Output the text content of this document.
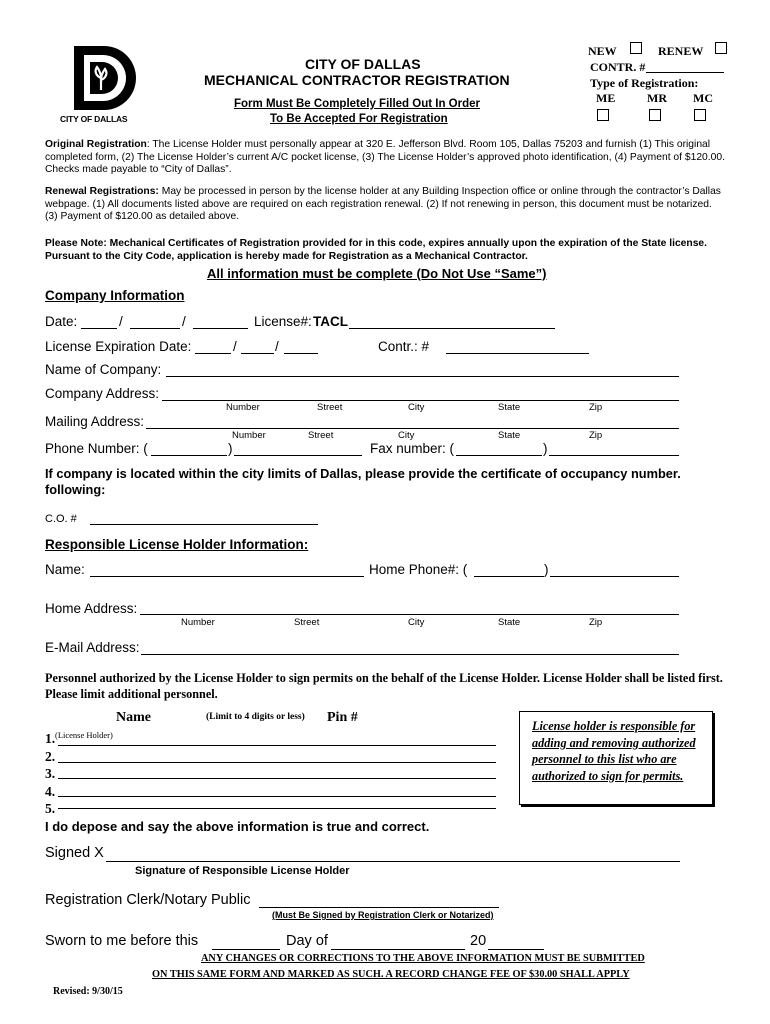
CITY OF DALLAS
CITY OF DALLAS
MECHANICAL CONTRACTOR REGISTRATION
Form Must Be Completely Filled Out In Order
To Be Accepted For Registration
NEW	RENEW
CONTR. #
Type of Registration:
ME	MR MC
Original Registration: The License Holder must personally appear at 320 E. Jefferson Blvd. Room 105, Dallas 75203 and furnish (1) This original completed form, (2) The License Holder’s current A/C pocket license, (3) The License Holder’s approved photo identification, (4) Payment of $120.00. Checks made payable to “City of Dallas”.
Renewal Registrations: May be processed in person by the license holder at any Building Inspection office or online through the contractor’s Dallas webpage. (1) All documents listed above are required on each registration renewal. (2) If not renewing in person, this document must be notarized. (3) Payment of $120.00 as detailed above.
Please Note: Mechanical Certificates of Registration provided for in this code, expires annually upon the expiration of the State license. Pursuant to the City Code, application is hereby made for Registration as a Mechanical Contractor.
All information must be complete (Do Not Use “Same”)
Company Information
Date:	/	/	License#: TACL
License Expiration Date:	/	/	Contr.: #
Name of Company:
Company Address:
Number	Street	City	State	Zip
Mailing Address:
Number	Street	City	State	Zip
Phone Number: (	)	Fax number: (	)
If company is located within the city limits of Dallas, please provide the certificate of occupancy number. following:
C.O. #
Responsible License Holder Information:
Name:	Home Phone#: (	)
Home Address:
Number	Street	City	State	Zip
E-Mail Address:
Personnel authorized by the License Holder to sign permits on the behalf of the License Holder. License Holder shall be listed first. Please limit additional personnel.
Name	(Limit to 4 digits or less) Pin #
1. (License Holder)
2.
3.
4.
5.
License holder is responsible for adding and removing authorized personnel to this list who are authorized to sign for permits.
I do depose and say the above information is true and correct.
Signed X
Signature of Responsible License Holder
Registration Clerk/Notary Public
(Must Be Signed by Registration Clerk or Notarized)
Sworn to me before this	Day of	20
ANY CHANGES OR CORRECTIONS TO THE ABOVE INFORMATION MUST BE SUBMITTED
ON THIS SAME FORM AND MARKED AS SUCH. A RECORD CHANGE FEE OF $30.00 SHALL APPLY
Revised: 9/30/15
